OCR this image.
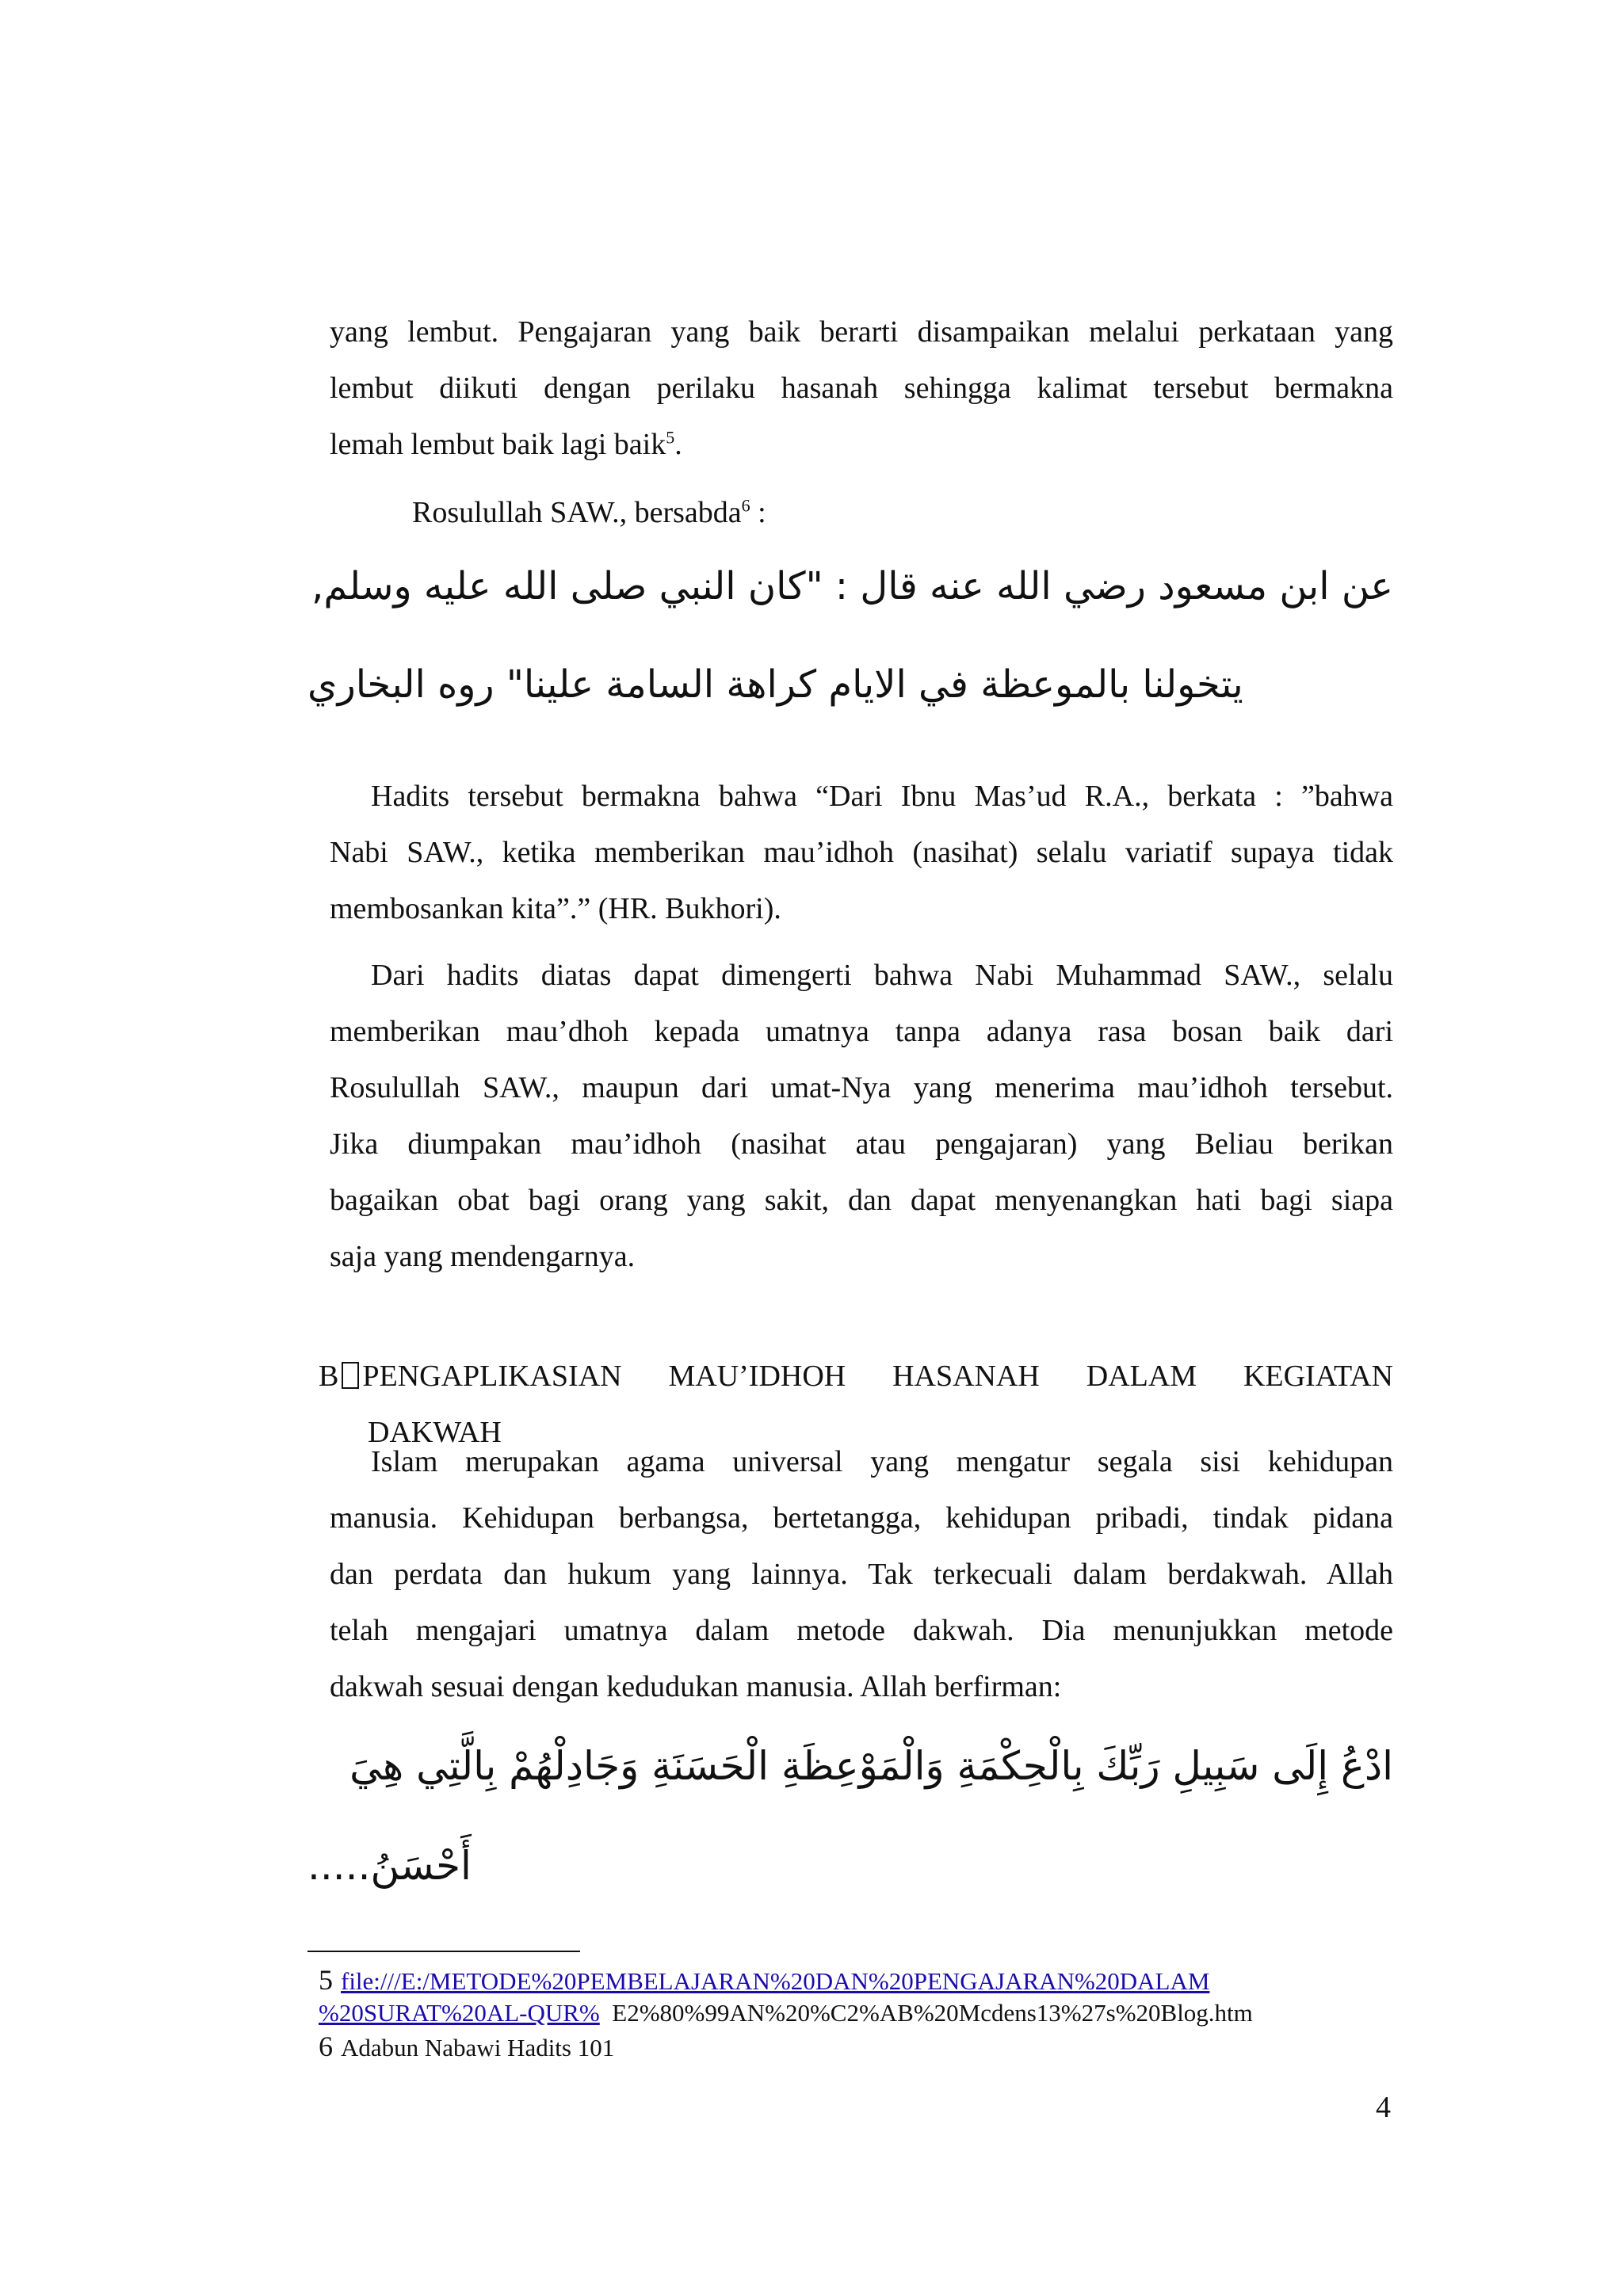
yang lembut. Pengajaran yang baik berarti disampaikan melalui perkataan yang
lembut diikuti dengan perilaku hasanah sehingga kalimat tersebut bermakna
lemah lembut baik lagi baik$^5$.
Rosulullah SAW., bersabda$^6$ :
عن ابن مسعود رضي الله عنه قال : "كان النبي صلى الله عليه وسلم,
يتخولنا بالموعظة في الايام كراهة السامة علينا" روه البخاري
Hadits tersebut bermakna bahwa “Dari Ibnu Mas’ud R.A., berkata : ”bahwa
Nabi SAW., ketika memberikan mau’idhoh (nasihat) selalu variatif supaya tidak
membosankan kita”.” (HR. Bukhori).
Dari hadits diatas dapat dimengerti bahwa Nabi Muhammad SAW., selalu
memberikan mau’dhoh kepada umatnya tanpa adanya rasa bosan baik dari
Rosulullah SAW., maupun dari umat-Nya yang menerima mau’idhoh tersebut.
Jika diumpakan mau’idhoh (nasihat atau pengajaran) yang Beliau berikan
bagaikan obat bagi orang yang sakit, dan dapat menyenangkan hati bagi siapa
saja yang mendengarnya.
B PENGAPLIKASIAN MAU’IDHOH HASANAH DALAM KEGIATAN
DAKWAH
Islam merupakan agama universal yang mengatur segala sisi kehidupan
manusia. Kehidupan berbangsa, bertetangga, kehidupan pribadi, tindak pidana
dan perdata dan hukum yang lainnya. Tak terkecuali dalam berdakwah. Allah
telah mengajari umatnya dalam metode dakwah. Dia menunjukkan metode
dakwah sesuai dengan kedudukan manusia. Allah berfirman:
ادْعُ إِلَى سَبِيلِ رَبِّكَ بِالْحِكْمَةِ وَالْمَوْعِظَةِ الْحَسَنَةِ وَجَادِلْهُمْ بِالَّتِي هِيَ
أَحْسَنُ.....
5 file:///E:/METODE%20PEMBELAJARAN%20DAN%20PENGAJARAN%20DALAM
%20SURAT%20AL-QUR% E2%80%99AN%20%C2%AB%20Mcdens13%27s%20Blog.htm
6 Adabun Nabawi Hadits 101
4
